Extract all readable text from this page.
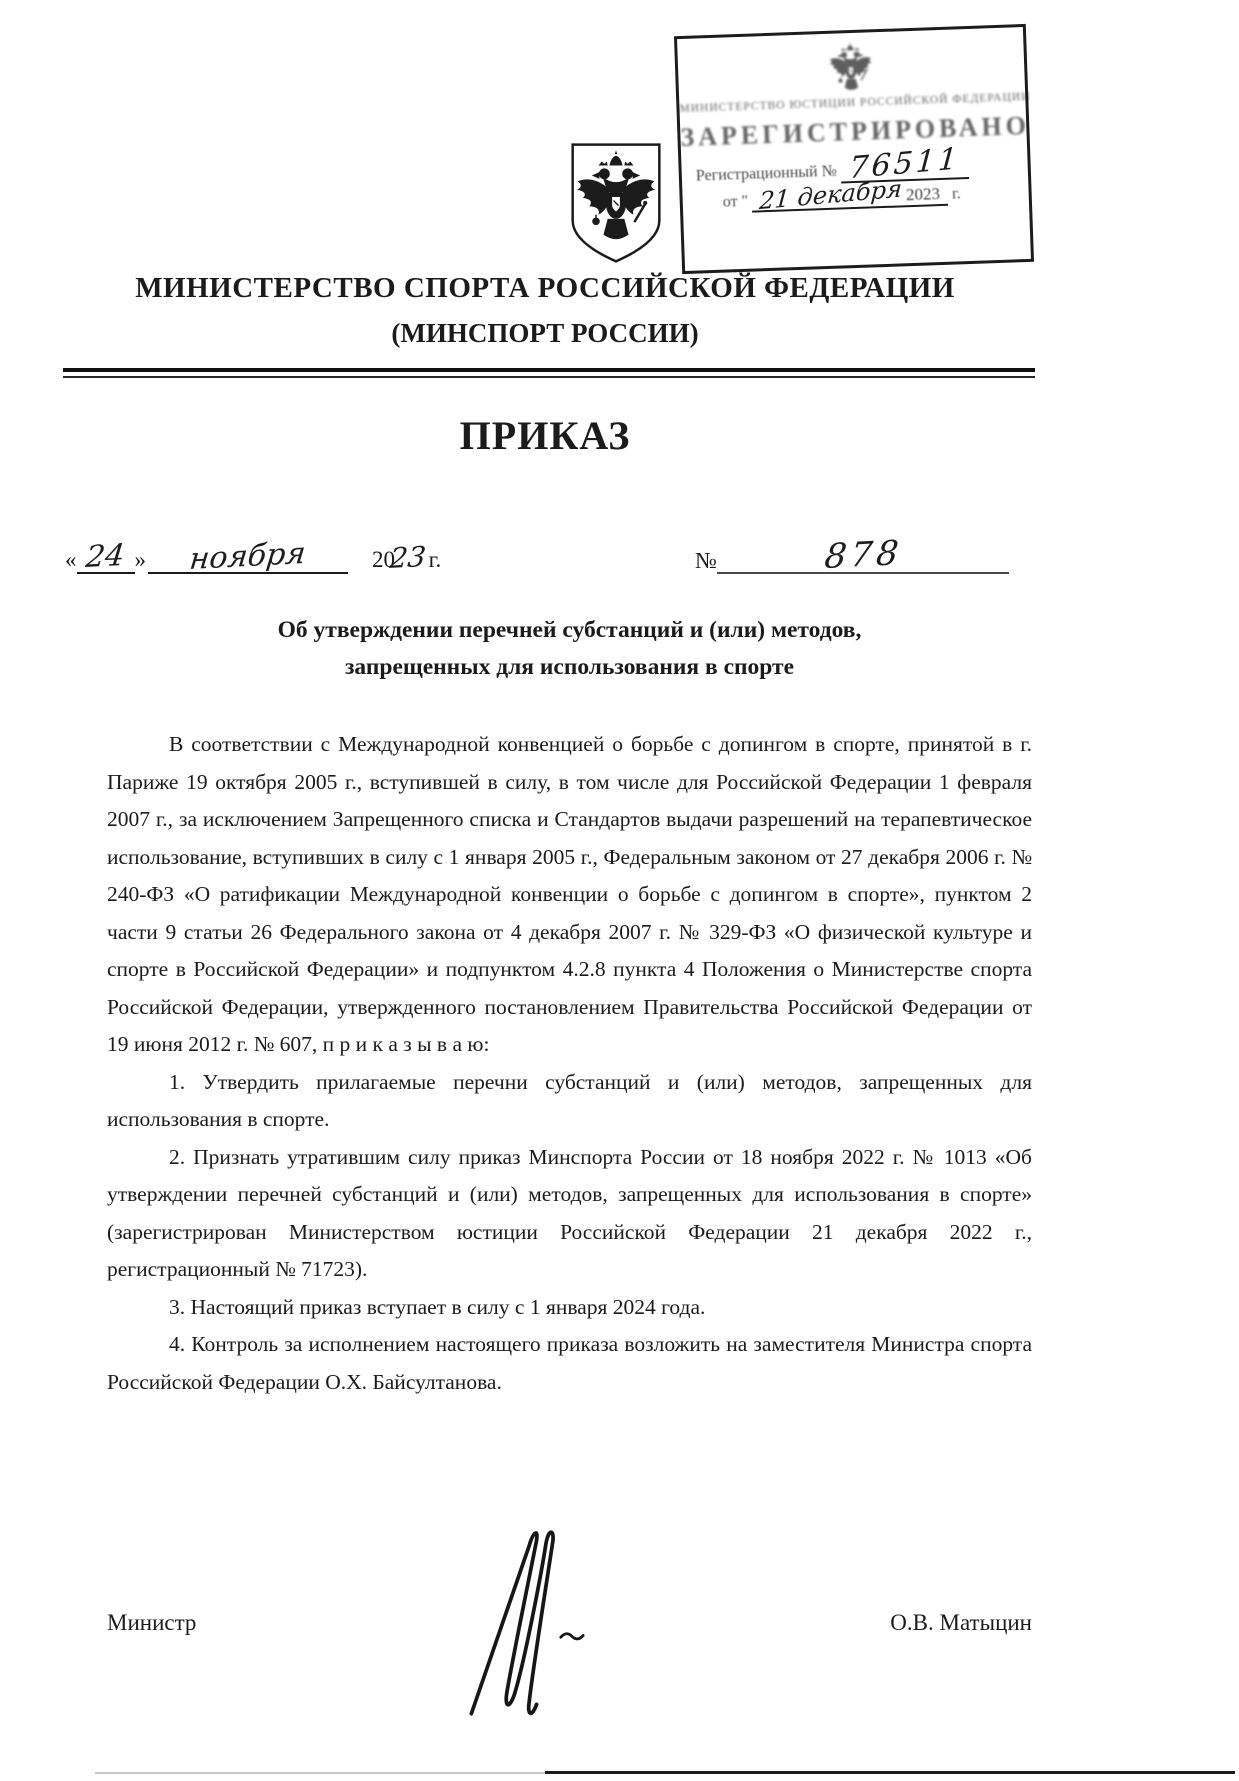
МИНИСТЕРСТВО ЮСТИЦИИ РОССИЙСКОЙ ФЕДЕРАЦИИ
ЗАРЕГИСТРИРОВАНО
Регистрационный № 76511
от " 21 декабря 2023 г.
МИНИСТЕРСТВО СПОРТА РОССИЙСКОЙ ФЕДЕРАЦИИ
(МИНСПОРТ РОССИИ)
ПРИКАЗ
« 24 » ноября	2023г.	№	878
Об утверждении перечней субстанций и (или) методов,
запрещенных для использования в спорте

В соответствии с Международной конвенцией о борьбе с допингом в спорте, принятой в г. Париже 19 октября 2005 г., вступившей в силу, в том числе для Российской Федерации 1 февраля 2007 г., за исключением Запрещенного списка и Стандартов выдачи разрешений на терапевтическое использование, вступивших в силу с 1 января 2005 г., Федеральным законом от 27 декабря 2006 г. № 240-ФЗ «О ратификации Международной конвенции о борьбе с допингом в спорте», пунктом 2 части 9 статьи 26 Федерального закона от 4 декабря 2007 г. № 329-ФЗ «О физической культуре и спорте в Российской Федерации» и подпунктом 4.2.8 пункта 4 Положения о Министерстве спорта Российской Федерации, утвержденного постановлением Правительства Российской Федерации от 19 июня 2012 г. № 607, п р и к а з ы в а ю:

1. Утвердить прилагаемые перечни субстанций и (или) методов, запрещенных для использования в спорте.

2. Признать утратившим силу приказ Минспорта России от 18 ноября 2022 г. № 1013 «Об утверждении перечней субстанций и (или) методов, запрещенных для использования в спорте» (зарегистрирован Министерством юстиции Российской Федерации 21 декабря 2022 г., регистрационный № 71723).

3. Настоящий приказ вступает в силу с 1 января 2024 года.

4. Контроль за исполнением настоящего приказа возложить на заместителя Министра спорта Российской Федерации О.Х. Байсултанова.

Министр	О.В. Матыцин
